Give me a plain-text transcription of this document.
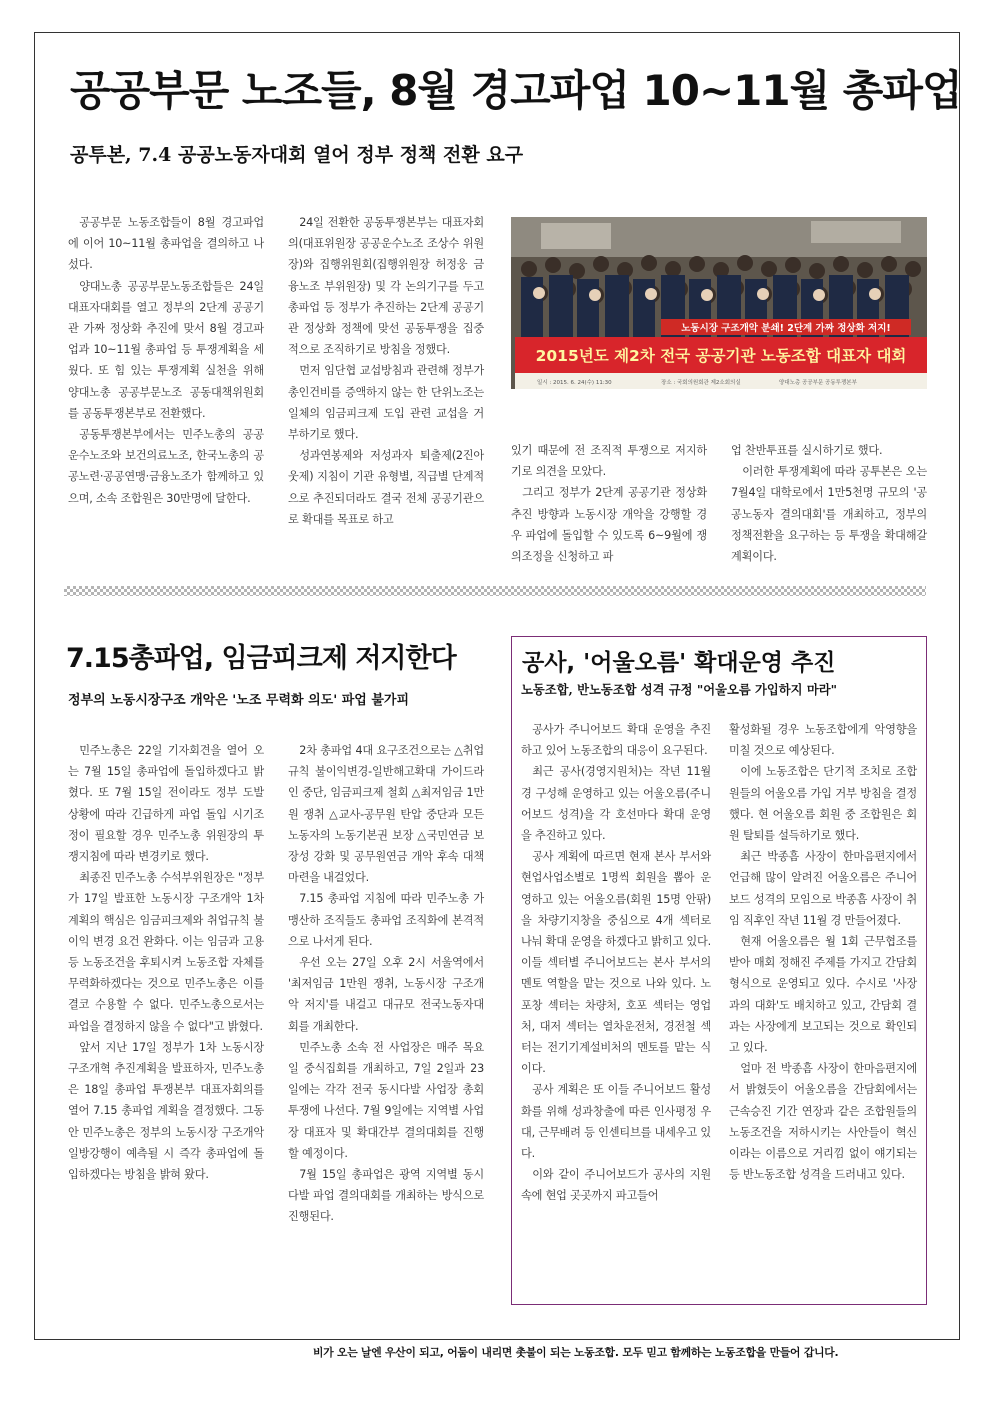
공공부문 노조들, 8월 경고파업 10~11월 총파업
공투본, 7.4 공공노동자대회 열어 정부 정책 전환 요구

공공부문 노동조합들이 8월 경고파업에 이어 10~11월 총파업을 결의하고 나섰다.

양대노총 공공부문노동조합들은 24일 대표자대회를 열고 정부의 2단계 공공기관 가짜 정상화 추진에 맞서 8월 경고파업과 10~11월 총파업 등 투쟁계획을 세웠다. 또 힘 있는 투쟁계획 실천을 위해 양대노총 공공부문노조 공동대책위원회를 공동투쟁본부로 전환했다.

공동투쟁본부에서는 민주노총의 공공운수노조와 보건의료노조, 한국노총의 공공노련·공공연맹·금융노조가 함께하고 있으며, 소속 조합원은 30만명에 달한다.

24일 전환한 공동투쟁본부는 대표자회의(대표위원장 공공운수노조 조상수 위원장)와 집행위원회(집행위원장 허정웅 금융노조 부위원장) 및 각 논의기구를 두고 총파업 등 정부가 추진하는 2단계 공공기관 정상화 정책에 맞선 공동투쟁을 집중적으로 조직하기로 방침을 정했다.

먼저 임단협 교섭방침과 관련해 정부가 총인건비를 증액하지 않는 한 단위노조는 일체의 임금피크제 도입 관련 교섭을 거부하기로 했다.

성과연봉제와 저성과자 퇴출제(2진아웃제) 지침이 기관 유형별, 직급별 단계적으로 추진되더라도 결국 전체 공공기관으로 확대를 목표로 하고

노동시장 구조개악 분쇄! 2단계 가짜 정상화 저지!
2015년도 제2차 전국 공공기관 노동조합 대표자 대회
일시 : 2015. 6. 24(수) 11:30	장소 : 국회의원회관 제2소회의실	양대노총 공공부문 공동투쟁본부

있기 때문에 전 조직적 투쟁으로 저지하기로 의견을 모았다.

그리고 정부가 2단계 공공기관 정상화 추진 방향과 노동시장 개악을 강행할 경우 파업에 돌입할 수 있도록 6~9월에 쟁의조정을 신청하고 파

업 찬반투표를 실시하기로 했다.

이러한 투쟁계획에 따라 공투본은 오는 7월4일 대학로에서 1만5천명 규모의 '공공노동자 결의대회'를 개최하고, 정부의 정책전환을 요구하는 등 투쟁을 확대해갈 계획이다.

7.15총파업, 임금피크제 저지한다

정부의 노동시장구조 개악은 '노조 무력화 의도' 파업 불가피

민주노총은 22일 기자회견을 열어 오는 7월 15일 총파업에 돌입하겠다고 밝혔다. 또 7월 15일 전이라도 정부 도발 상황에 따라 긴급하게 파업 돌입 시기조정이 필요할 경우 민주노총 위원장의 투쟁지침에 따라 변경키로 했다.

최종진 민주노총 수석부위원장은 "정부가 17일 발표한 노동시장 구조개악 1차 계획의 핵심은 임금피크제와 취업규칙 불이익 변경 요건 완화다. 이는 임금과 고용 등 노동조건을 후퇴시켜 노동조합 자체를 무력화하겠다는 것으로 민주노총은 이를 결코 수용할 수 없다. 민주노총으로서는 파업을 결정하지 않을 수 없다"고 밝혔다.

앞서 지난 17일 정부가 1차 노동시장 구조개혁 추진계획을 발표하자, 민주노총은 18일 총파업 투쟁본부 대표자회의를 열어 7.15 총파업 계획을 결정했다. 그동안 민주노총은 정부의 노동시장 구조개악 일방강행이 예측될 시 즉각 총파업에 돌입하겠다는 방침을 밝혀 왔다.

2차 총파업 4대 요구조건으로는 △취업규칙 불이익변경-일반해고확대 가이드라인 중단, 임금피크제 철회 △최저임금 1만원 쟁취 △교사-공무원 탄압 중단과 모든 노동자의 노동기본권 보장 △국민연금 보장성 강화 및 공무원연금 개악 후속 대책 마련을 내걸었다.

7.15 총파업 지침에 따라 민주노총 가맹산하 조직들도 총파업 조직화에 본격적으로 나서게 된다.

우선 오는 27일 오후 2시 서울역에서 '최저임금 1만원 쟁취, 노동시장 구조개악 저지'를 내걸고 대규모 전국노동자대회를 개최한다.

민주노총 소속 전 사업장은 매주 목요일 중식집회를 개최하고, 7일 2일과 23일에는 각각 전국 동시다발 사업장 총회 투쟁에 나선다. 7월 9일에는 지역별 사업장 대표자 및 확대간부 결의대회를 진행할 예정이다.

7월 15일 총파업은 광역 지역별 동시다발 파업 결의대회를 개최하는 방식으로 진행된다.

공사, '어울오름' 확대운영 추진

노동조합, 반노동조합 성격 규정 "어울오름 가입하지 마라"

공사가 주니어보드 확대 운영을 추진하고 있어 노동조합의 대응이 요구된다.

최근 공사(경영지원처)는 작년 11월 경 구성해 운영하고 있는 어울오름(주니어보드 성격)을 각 호선마다 확대 운영을 추진하고 있다.

공사 계획에 따르면 현재 본사 부서와 현업사업소별로 1명씩 회원을 뽑아 운영하고 있는 어울오름(회원 15명 안팎)을 차량기지창을 중심으로 4개 섹터로 나눠 확대 운영을 하겠다고 밝히고 있다. 이들 섹터별 주니어보드는 본사 부서의 멘토 역할을 맡는 것으로 나와 있다. 노포창 섹터는 차량처, 호포 섹터는 영업처, 대저 섹터는 열차운전처, 경전철 섹터는 전기기계설비처의 멘토를 맡는 식이다.

공사 계획은 또 이들 주니어보드 활성화를 위해 성과창출에 따른 인사평정 우대, 근무배려 등 인센티브를 내세우고 있다.

이와 같이 주니어보드가 공사의 지원 속에 현업 곳곳까지 파고들어

활성화될 경우 노동조합에게 악영향을 미칠 것으로 예상된다.

이에 노동조합은 단기적 조치로 조합원들의 어울오름 가입 거부 방침을 결정했다. 현 어울오름 회원 중 조합원은 회원 탈퇴를 설득하기로 했다.

최근 박종흠 사장이 한마음편지에서 언급해 많이 알려진 어울오름은 주니어보드 성격의 모임으로 박종흠 사장이 취임 직후인 작년 11월 경 만들어졌다.

현재 어울오름은 월 1회 근무협조를 받아 매회 정해진 주제를 가지고 간담회 형식으로 운영되고 있다. 수시로 '사장과의 대화'도 배치하고 있고, 간담회 결과는 사장에게 보고되는 것으로 확인되고 있다.

얼마 전 박종흠 사장이 한마음편지에서 밝혔듯이 어울오름을 간담회에서는 근속승진 기간 연장과 같은 조합원들의 노동조건을 저하시키는 사안들이 혁신이라는 이름으로 거리낌 없이 얘기되는 등 반노동조합 성격을 드러내고 있다.

비가 오는 날엔 우산이 되고, 어둠이 내리면 촛불이 되는 노동조합. 모두 믿고 함께하는 노동조합을 만들어 갑니다.
